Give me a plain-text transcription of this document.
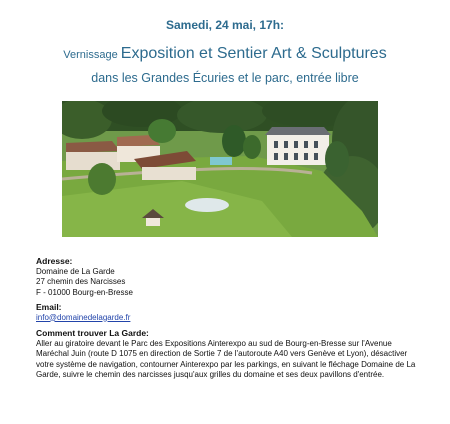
Samedi, 24 mai, 17h:
Vernissage Exposition et Sentier Art & Sculptures
dans les Grandes Écuries et le parc, entrée libre
Adresse:
Domaine de La Garde
27 chemin des Narcisses
F - 01000 Bourg-en-Bresse
Email:
info@domainedelagarde.fr
Comment trouver La Garde:
Aller au giratoire devant le Parc des Expositions Ainterexpo au sud de Bourg-en-Bresse sur l'Avenue Maréchal Juin (route D 1075 en direction de Sortie 7 de l'autoroute A40 vers Genève et Lyon), désactiver votre système de navigation, contourner Ainterexpo par les parkings, en suivant le fléchage Domaine de La Garde, suivre le chemin des narcisses jusqu'aux grilles du domaine et ses deux pavillons d'entrée.
